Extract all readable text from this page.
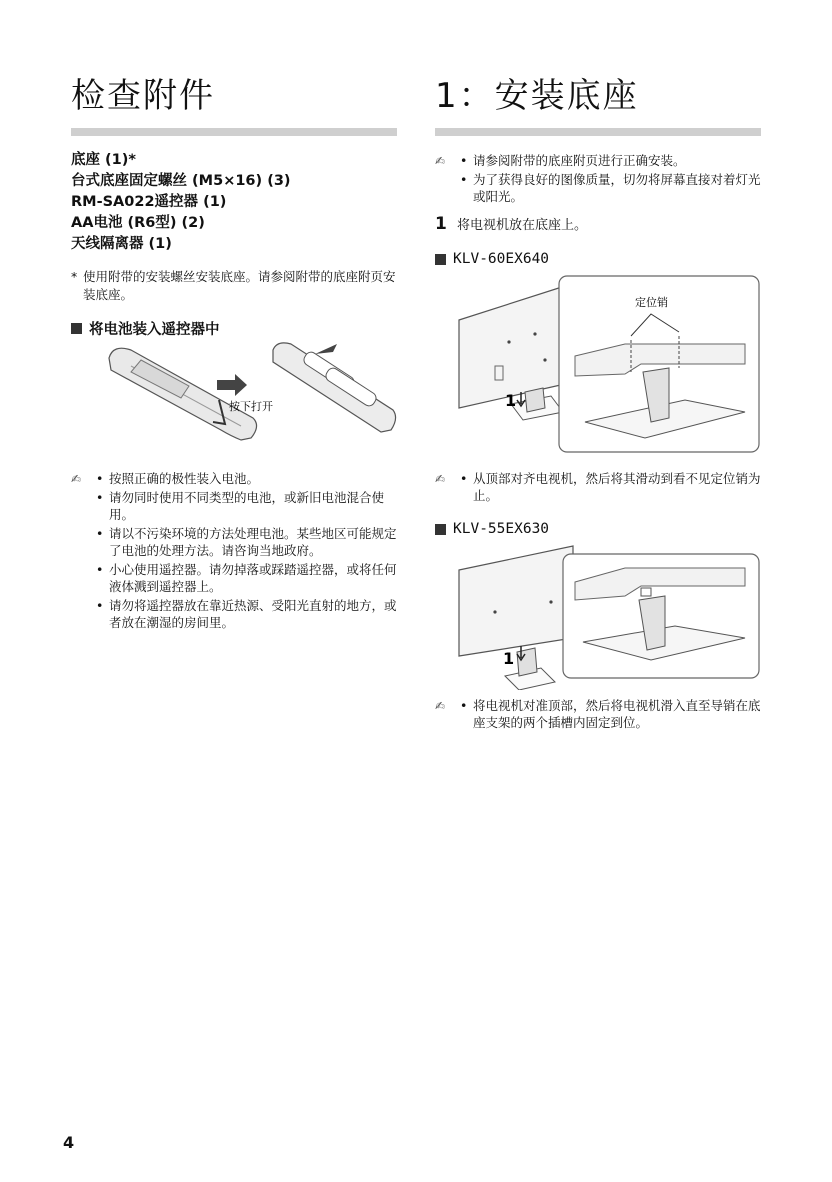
检查附件
底座 (1)*
台式底座固定螺丝 (M5×16) (3)
RM-SA022遥控器 (1)
AA电池 (R6型) (2)
天线隔离器 (1)
* 使用附带的安装螺丝安装底座。请参阅附带的底座附页安装底座。
将电池装入遥控器中
按下打开
✍	• 按照正确的极性装入电池。
• 请勿同时使用不同类型的电池，或新旧电池混合使用。
• 请以不污染环境的方法处理电池。某些地区可能规定了电池的处理方法。请咨询当地政府。
• 小心使用遥控器。请勿掉落或踩踏遥控器，或将任何液体溅到遥控器上。
• 请勿将遥控器放在靠近热源、受阳光直射的地方，或者放在潮湿的房间里。
1：安装底座
✍	• 请参阅附带的底座附页进行正确安装。
• 为了获得良好的图像质量，切勿将屏幕直接对着灯光或阳光。
1 将电视机放在底座上。
KLV-60EX640
1
定位销
✍	• 从顶部对齐电视机，然后将其滑动到看不见定位销为止。
KLV-55EX630
1
✍	• 将电视机对准顶部，然后将电视机滑入直至导销在底座支架的两个插槽内固定到位。
4
